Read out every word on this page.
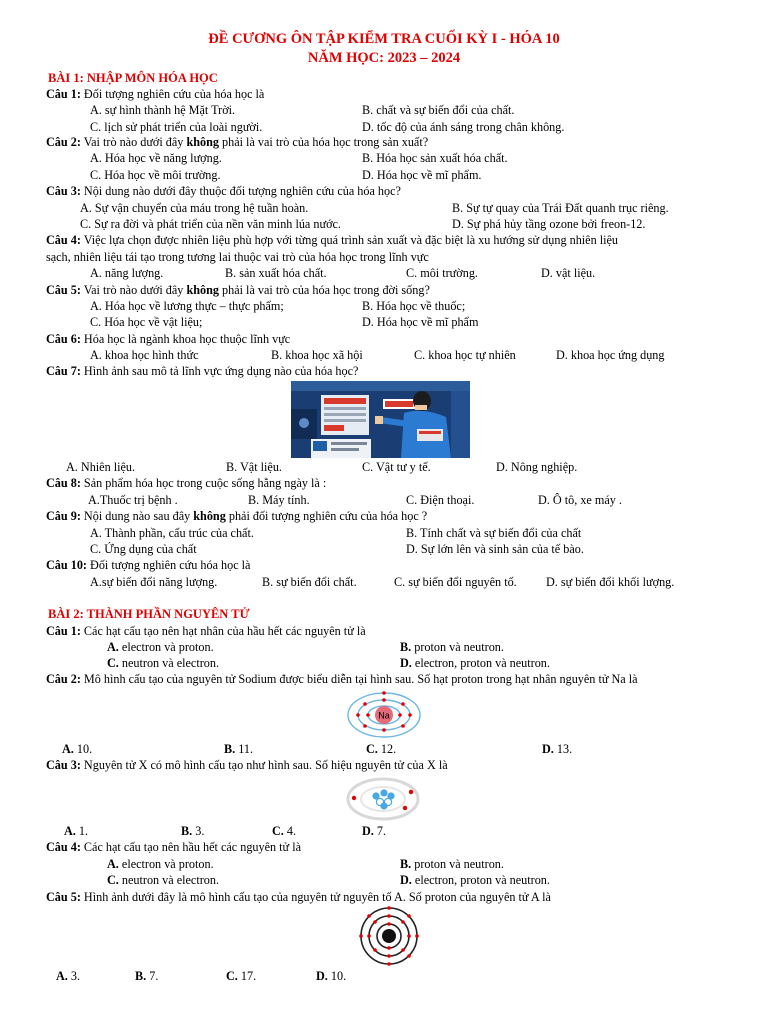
ĐỀ CƯƠNG ÔN TẬP KIỂM TRA CUỐI KỲ I - HÓA 10
NĂM HỌC: 2023 – 2024
BÀI 1: NHẬP MÔN HÓA HỌC
Câu 1: Đối tượng nghiên cứu của hóa học là
A. sự hình thành hệ Mặt Trời.	B. chất và sự biến đổi của chất.
C. lịch sử phát triển của loài người.	D. tốc độ của ánh sáng trong chân không.
Câu 2: Vai trò nào dưới đây không phải là vai trò của hóa học trong sản xuất?
A. Hóa học về năng lượng.	B. Hóa học sản xuất hóa chất.
C. Hóa học về môi trường.	D. Hóa học về mĩ phẩm.
Câu 3: Nội dung nào dưới đây thuộc đối tượng nghiên cứu của hóa học?
A. Sự vận chuyển của máu trong hệ tuần hoàn.	B. Sự tự quay của Trái Đất quanh trục riêng.
C. Sự ra đời và phát triển của nền văn minh lúa nước.	D. Sự phá hủy tầng ozone bởi freon-12.
Câu 4: Việc lựa chọn được nhiên liệu phù hợp với từng quá trình sản xuất và đặc biệt là xu hướng sử dụng nhiên liệu
sạch, nhiên liệu tái tạo trong tương lai thuộc vai trò của hóa học trong lĩnh vực
A. năng lượng.	B. sản xuất hóa chất.	C. môi trường.	D. vật liệu.
Câu 5: Vai trò nào dưới đây không phải là vai trò của hóa học trong đời sống?
A. Hóa học về lương thực – thực phẩm;	B. Hóa học về thuốc;
C. Hóa học về vật liệu;	D. Hóa học về mĩ phẩm
Câu 6: Hóa học là ngành khoa học thuộc lĩnh vực
A. khoa học hình thức	B. khoa học xã hội	C. khoa học tự nhiên	D. khoa học ứng dụng
Câu 7: Hình ảnh sau mô tả lĩnh vực ứng dụng nào của hóa học?
A. Nhiên liệu.	B. Vật liệu.	C. Vật tư y tế.	D. Nông nghiệp.
Câu 8: Sản phẩm hóa học trong cuộc sống hằng ngày là :
A.Thuốc trị bệnh .	B. Máy tính.	C. Điện thoại.	D. Ô tô, xe máy .
Câu 9: Nội dung nào sau đây không phải đối tượng nghiên cứu của hóa học ?
A. Thành phần, cấu trúc của chất.	B. Tính chất và sự biến đổi của chất
C. Ứng dụng của chất	D. Sự lớn lên và sinh sản của tế bào.
Câu 10: Đối tượng nghiên cứu hóa học là
A.sự biến đổi năng lượng.	B. sự biến đổi chất.	C. sự biến đổi nguyên tố. D. sự biến đổi khối lượng.
BÀI 2: THÀNH PHẦN NGUYÊN TỬ
Câu 1: Các hạt cấu tạo nên hạt nhân của hầu hết các nguyên tử là
A. electron và proton.	B. proton và neutron.
C. neutron và electron.	D. electron, proton và neutron.
Câu 2: Mô hình cấu tạo của nguyên tử Sodium được biểu diễn tại hình sau. Số hạt proton trong hạt nhân nguyên tử Na là
Na
A. 10.	B. 11.	C. 12.	D. 13.
Câu 3: Nguyên tử X có mô hình cấu tạo như hình sau. Số hiệu nguyên tử của X là
A. 1.	B. 3.	C. 4.	D. 7.
Câu 4: Các hạt cấu tạo nên hầu hết các nguyên tử là
A. electron và proton.	B. proton và neutron.
C. neutron và electron.	D. electron, proton và neutron.
Câu 5: Hình ảnh dưới đây là mô hình cấu tạo của nguyên tử nguyên tố A. Số proton của nguyên tử A là
A. 3.	B. 7.	C. 17.	D. 10.
